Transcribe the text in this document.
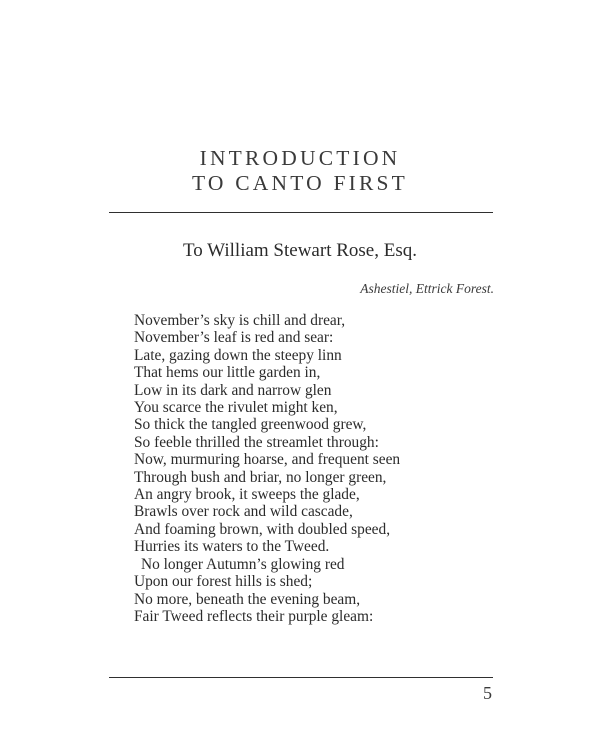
INTRODUCTION
TO CANTO FIRST
To William Stewart Rose, Esq.
Ashestiel, Ettrick Forest.
November’s sky is chill and drear,
November’s leaf is red and sear:
Late, gazing down the steepy linn
That hems our little garden in,
Low in its dark and narrow glen
You scarce the rivulet might ken,
So thick the tangled greenwood grew,
So feeble thrilled the streamlet through:
Now, murmuring hoarse, and frequent seen
Through bush and briar, no longer green,
An angry brook, it sweeps the glade,
Brawls over rock and wild cascade,
And foaming brown, with doubled speed,
Hurries its waters to the Tweed.
No longer Autumn’s glowing red
Upon our forest hills is shed;
No more, beneath the evening beam,
Fair Tweed reflects their purple gleam:
5
